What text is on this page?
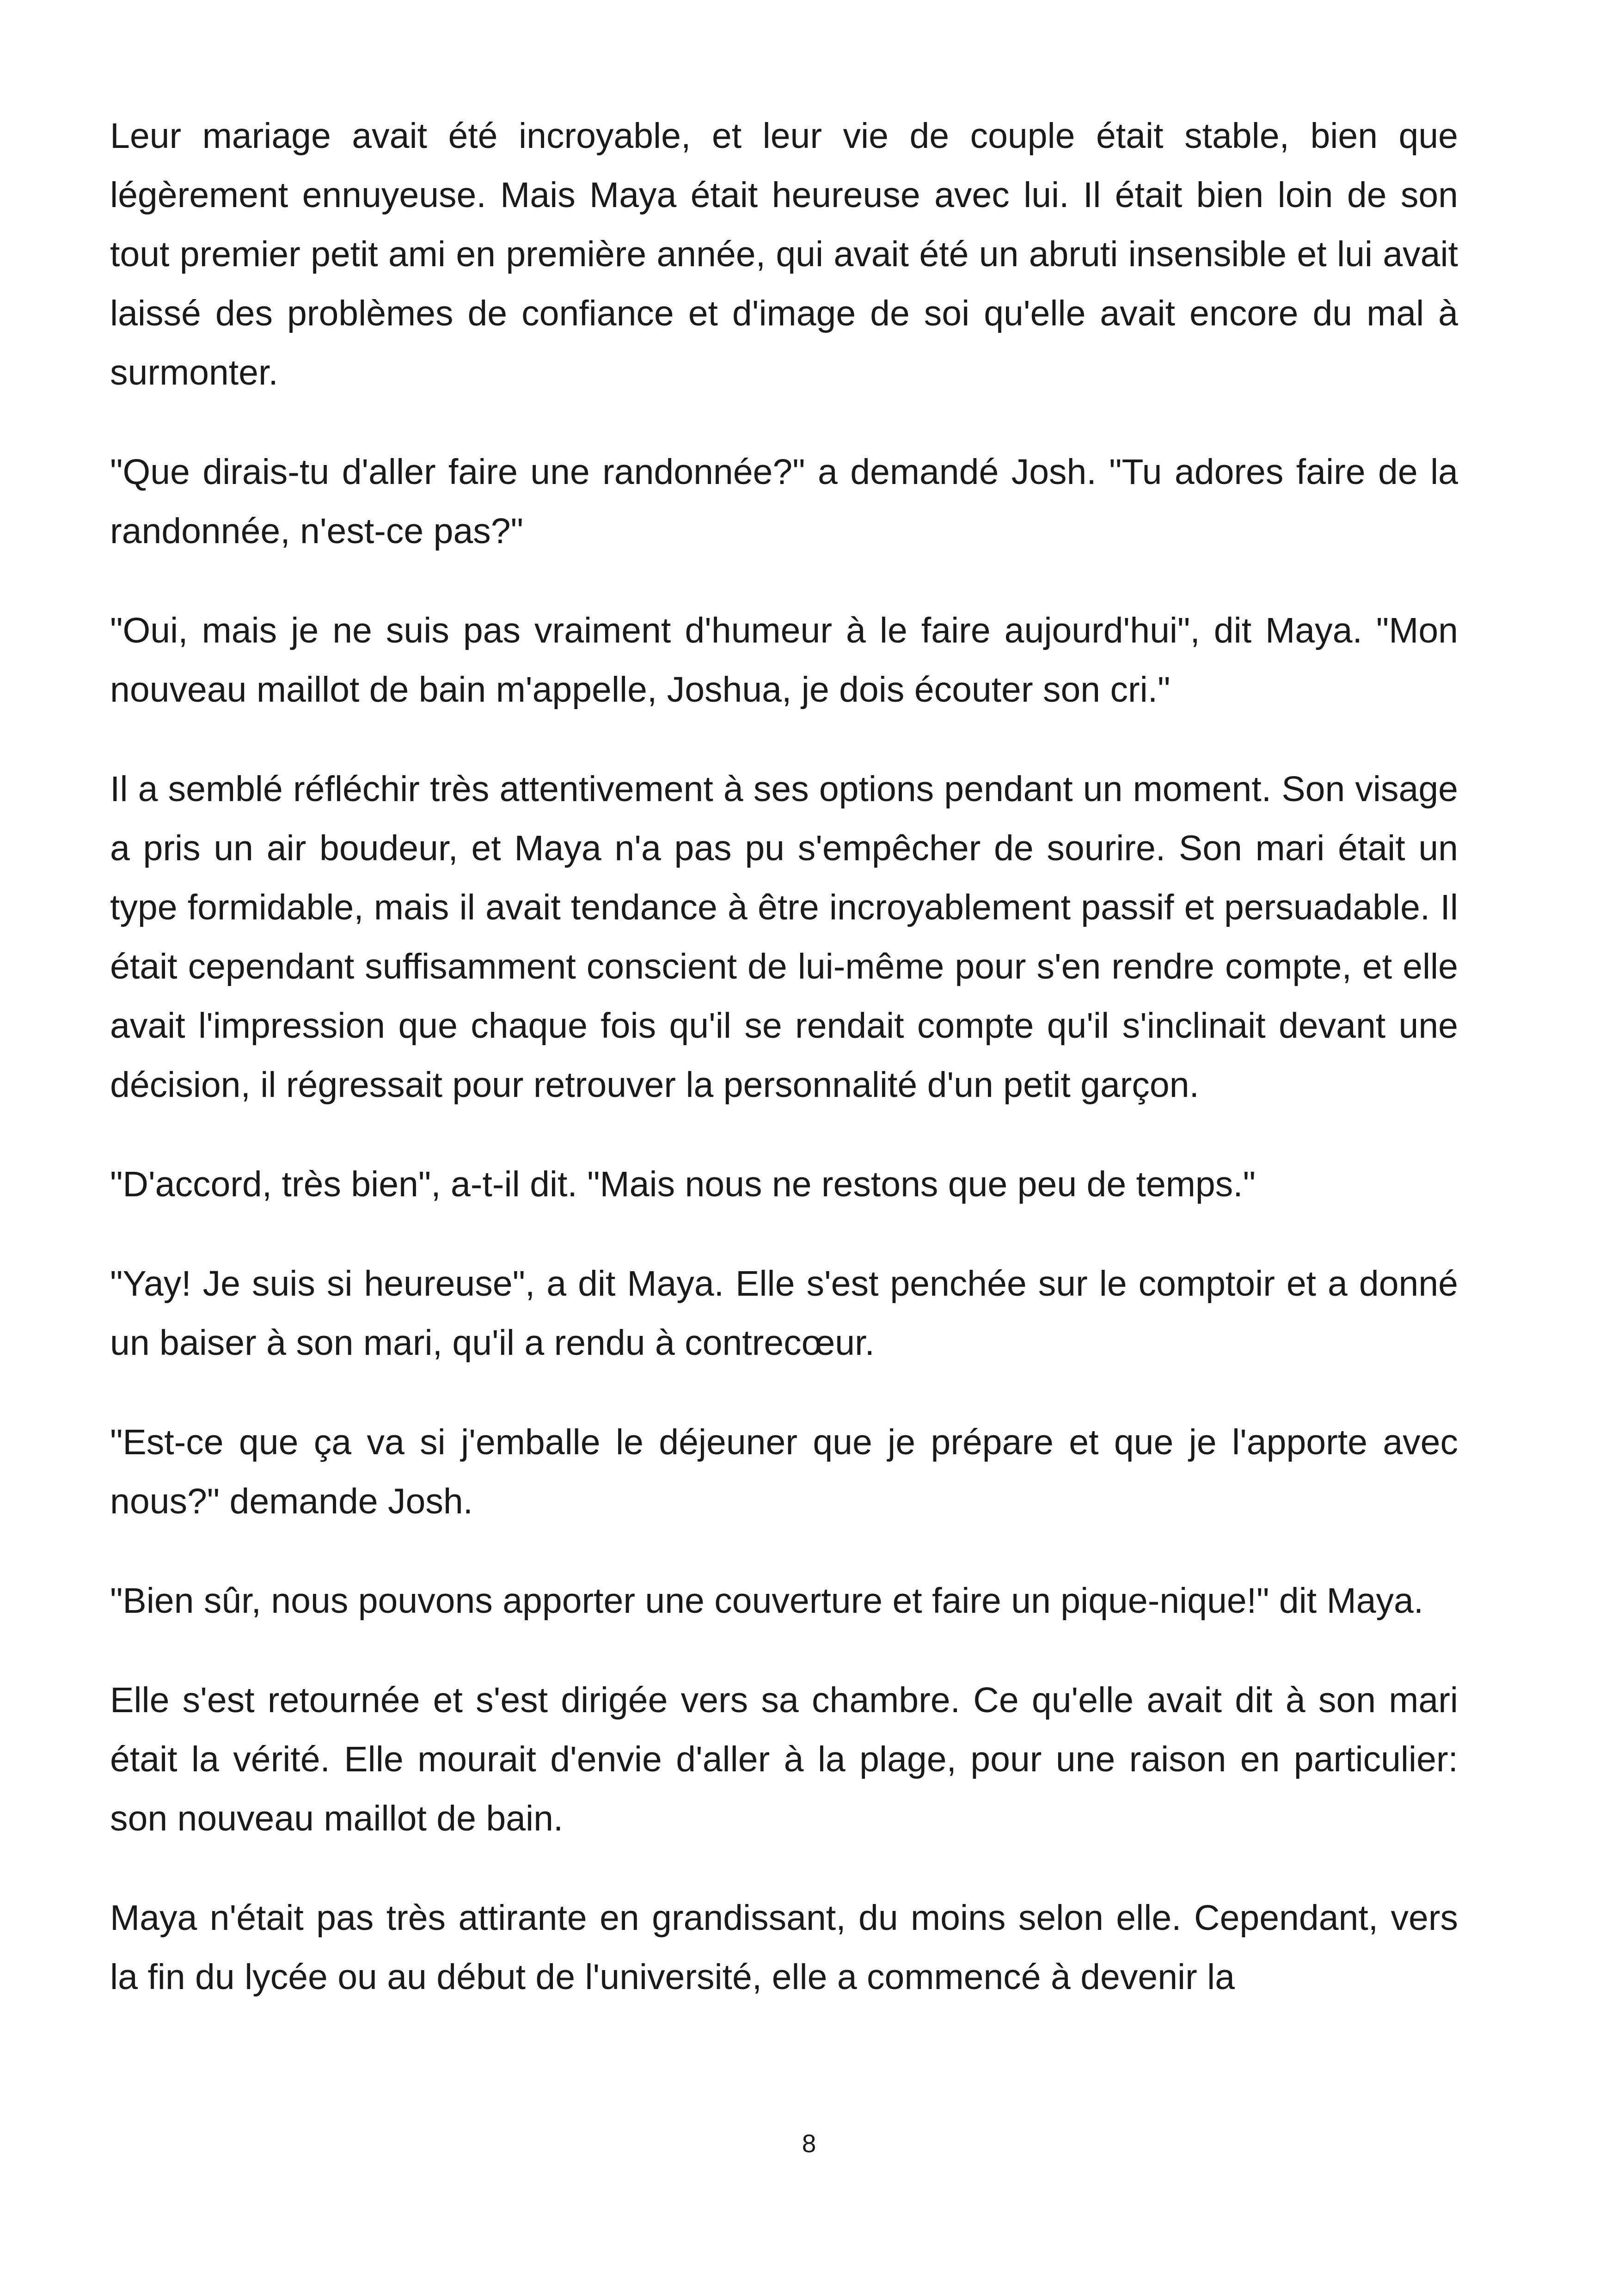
Leur mariage avait été incroyable, et leur vie de couple était stable, bien que légèrement ennuyeuse. Mais Maya était heureuse avec lui. Il était bien loin de son tout premier petit ami en première année, qui avait été un abruti insensible et lui avait laissé des problèmes de confiance et d'image de soi qu'elle avait encore du mal à surmonter.

"Que dirais-tu d'aller faire une randonnée?" a demandé Josh. "Tu adores faire de la randonnée, n'est-ce pas?"

"Oui, mais je ne suis pas vraiment d'humeur à le faire aujourd'hui", dit Maya. "Mon nouveau maillot de bain m'appelle, Joshua, je dois écouter son cri."

Il a semblé réfléchir très attentivement à ses options pendant un moment. Son visage a pris un air boudeur, et Maya n'a pas pu s'empêcher de sourire. Son mari était un type formidable, mais il avait tendance à être incroyablement passif et persuadable. Il était cependant suffisamment conscient de lui-même pour s'en rendre compte, et elle avait l'impression que chaque fois qu'il se rendait compte qu'il s'inclinait devant une décision, il régressait pour retrouver la personnalité d'un petit garçon.

"D'accord, très bien", a-t-il dit. "Mais nous ne restons que peu de temps."

"Yay! Je suis si heureuse", a dit Maya. Elle s'est penchée sur le comptoir et a donné un baiser à son mari, qu'il a rendu à contrecœur.

"Est-ce que ça va si j'emballe le déjeuner que je prépare et que je l'apporte avec nous?" demande Josh.

"Bien sûr, nous pouvons apporter une couverture et faire un pique-nique!" dit Maya.

Elle s'est retournée et s'est dirigée vers sa chambre. Ce qu'elle avait dit à son mari était la vérité. Elle mourait d'envie d'aller à la plage, pour une raison en particulier: son nouveau maillot de bain.

Maya n'était pas très attirante en grandissant, du moins selon elle. Cependant, vers la fin du lycée ou au début de l'université, elle a commencé à devenir la

8
